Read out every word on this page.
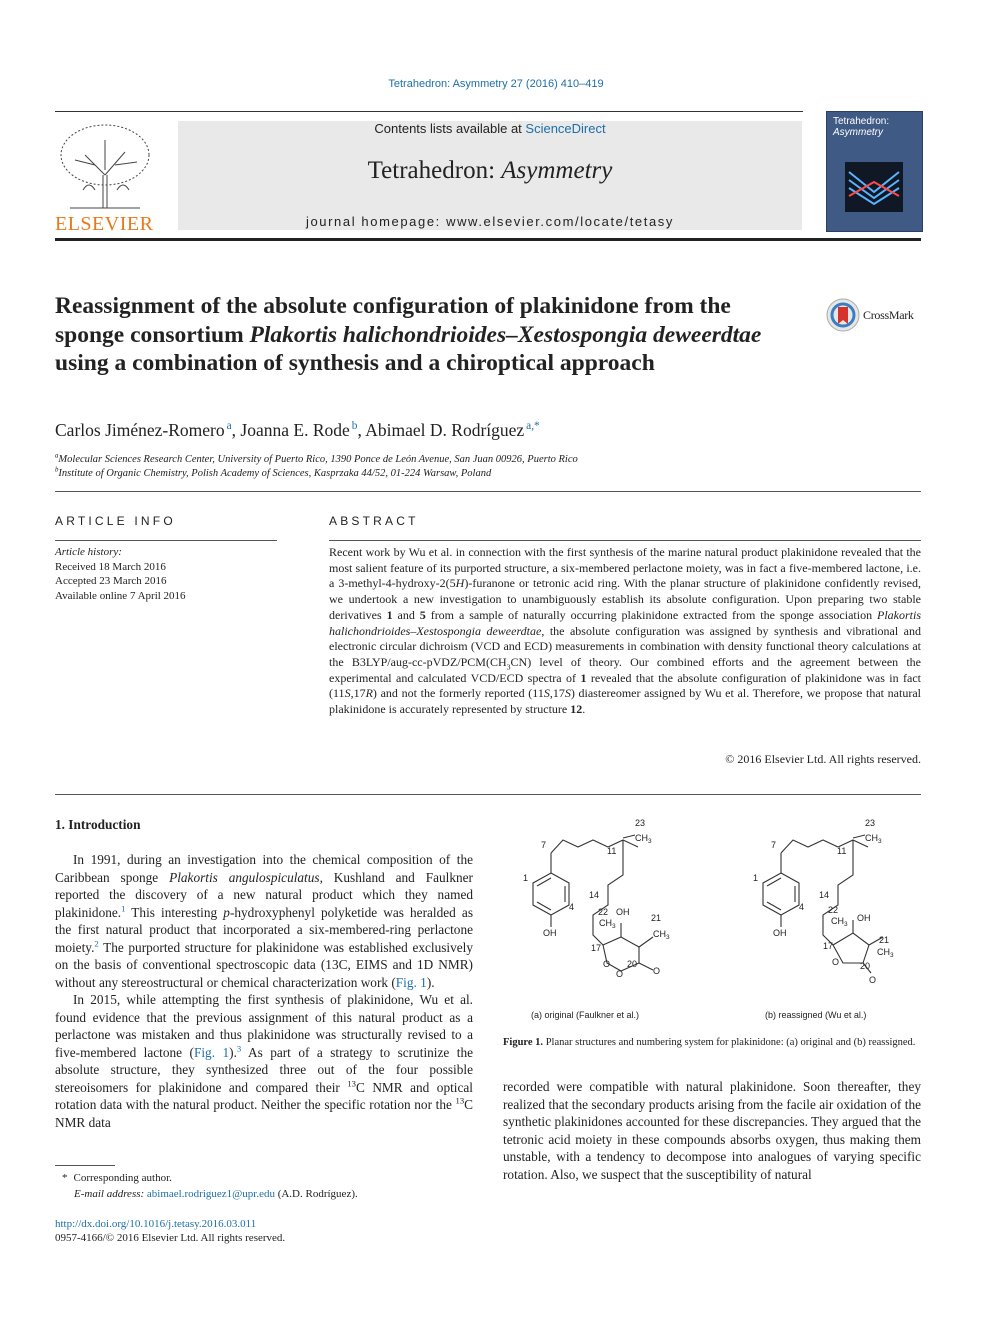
Tetrahedron: Asymmetry 27 (2016) 410–419
ELSEVIER
Contents lists available at ScienceDirect
Tetrahedron: Asymmetry
journal homepage: www.elsevier.com/locate/tetasy
Tetrahedron:
Asymmetry
Reassignment of the absolute configuration of plakinidone from the sponge consortium Plakortis halichondrioides–Xestospongia deweerdtae using a combination of synthesis and a chiroptical approach
CrossMark
Carlos Jiménez-Romero $^a$, Joanna E. Rode $^b$, Abimael D. Rodríguez $^{a,*}$
$^a$Molecular Sciences Research Center, University of Puerto Rico, 1390 Ponce de León Avenue, San Juan 00926, Puerto Rico
$^b$Institute of Organic Chemistry, Polish Academy of Sciences, Kasprzaka 44/52, 01-224 Warsaw, Poland
ARTICLE INFO
Article history:
Received 18 March 2016
Accepted 23 March 2016
Available online 7 April 2016
ABSTRACT
Recent work by Wu et al. in connection with the first synthesis of the marine natural product plakinidone revealed that the most salient feature of its purported structure, a six-membered perlactone moiety, was in fact a five-membered lactone, i.e. a 3-methyl-4-hydroxy-2(5H)-furanone or tetronic acid ring. With the planar structure of plakinidone confidently revised, we undertook a new investigation to unambiguously establish its absolute configuration. Upon preparing two stable derivatives 1 and 5 from a sample of naturally occurring plakinidone extracted from the sponge association Plakortis halichondrioides–Xestospongia deweerdtae, the absolute configuration was assigned by synthesis and vibrational and electronic circular dichroism (VCD and ECD) measurements in combination with density functional theory calculations at the $B3LYP/aug-cc-pVDZ/PCM(CH_3CN)$ level of theory. Our combined efforts and the agreement between the experimental and calculated VCD/ECD spectra of 1 revealed that the absolute configuration of plakinidone was in fact (11S,17R) and not the formerly reported (11S,17S) diastereomer assigned by Wu et al. Therefore, we propose that natural plakinidone is accurately represented by structure 12.
© 2016 Elsevier Ltd. All rights reserved.
1. Introduction

In 1991, during an investigation into the chemical composition of the Caribbean sponge Plakortis angulospiculatus, Kushland and Faulkner reported the discovery of a new natural product which they named plakinidone.$^1$ This interesting p-hydroxyphenyl polyketide was heralded as the first natural product that incorporated a six-membered-ring perlactone moiety.$^2$ The purported structure for plakinidone was established exclusively on the basis of conventional spectroscopic data (13C, EIMS and 1D NMR) without any stereostructural or chemical characterization work (Fig. 1).

In 2015, while attempting the first synthesis of plakinidone, Wu et al. found evidence that the previous assignment of this natural product as a perlactone was mistaken and thus plakinidone was structurally revised to a five-membered lactone (Fig. 1).$^3$ As part of a strategy to scrutinize the absolute structure, they synthesized three out of the four possible stereoisomers for plakinidone and compared their $^{13}$C NMR and optical rotation data with the natural product. Neither the specific rotation nor the $^{13}$C NMR data

* Corresponding author.
E-mail address: abimael.rodriguez1@upr.edu (A.D. Rodríguez).
http://dx.doi.org/10.1016/j.tetasy.2016.03.011
0957-4166/© 2016 Elsevier Ltd. All rights reserved.
23
$CH_3$
7
11
1
4
14
OH
22 OH
$CH_3$
21
$CH_3$
17
20
O
O	O
23
$CH_3$
7
11
1
4
14
OH
22
$CH_3$
OH
21
$CH_3$
17
O 20
O
(a) original (Faulkner et al.)	(b) reassigned (Wu et al.)
Figure 1. Planar structures and numbering system for plakinidone: (a) original and (b) reassigned.

recorded were compatible with natural plakinidone. Soon thereafter, they realized that the secondary products arising from the facile air oxidation of the synthetic plakinidones accounted for these discrepancies. They argued that the tetronic acid moiety in these compounds absorbs oxygen, thus making them unstable, with a tendency to decompose into analogues of varying specific rotation. Also, we suspect that the susceptibility of natural
